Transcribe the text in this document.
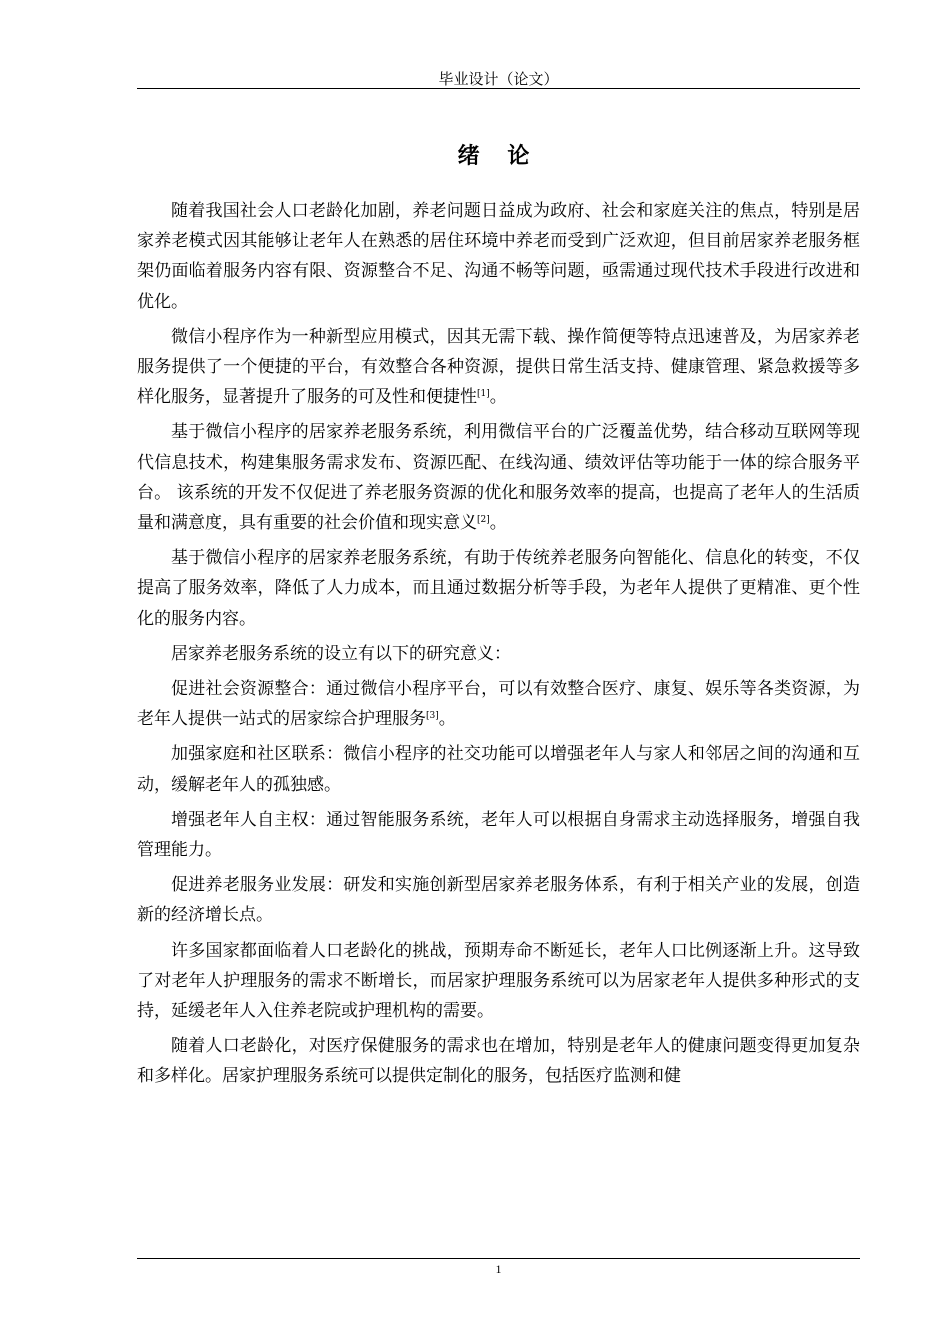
毕业设计（论文）
绪 论

随着我国社会人口老龄化加剧，养老问题日益成为政府、社会和家庭关注的焦点，特别是居家养老模式因其能够让老年人在熟悉的居住环境中养老而受到广泛欢迎，但目前居家养老服务框架仍面临着服务内容有限、资源整合不足、沟通不畅等问题，亟需通过现代技术手段进行改进和优化。

微信小程序作为一种新型应用模式，因其无需下载、操作简便等特点迅速普及，为居家养老服务提供了一个便捷的平台，有效整合各种资源，提供日常生活支持、健康管理、紧急救援等多样化服务，显著提升了服务的可及性和便捷性[1]。

基于微信小程序的居家养老服务系统，利用微信平台的广泛覆盖优势，结合移动互联网等现代信息技术，构建集服务需求发布、资源匹配、在线沟通、绩效评估等功能于一体的综合服务平台。 该系统的开发不仅促进了养老服务资源的优化和服务效率的提高，也提高了老年人的生活质量和满意度，具有重要的社会价值和现实意义[2]。

基于微信小程序的居家养老服务系统，有助于传统养老服务向智能化、信息化的转变，不仅提高了服务效率，降低了人力成本，而且通过数据分析等手段，为老年人提供了更精准、更个性化的服务内容。

居家养老服务系统的设立有以下的研究意义：

促进社会资源整合：通过微信小程序平台，可以有效整合医疗、康复、娱乐等各类资源，为老年人提供一站式的居家综合护理服务[3]。

加强家庭和社区联系：微信小程序的社交功能可以增强老年人与家人和邻居之间的沟通和互动，缓解老年人的孤独感。

增强老年人自主权：通过智能服务系统，老年人可以根据自身需求主动选择服务，增强自我管理能力。

促进养老服务业发展：研发和实施创新型居家养老服务体系，有利于相关产业的发展，创造新的经济增长点。

许多国家都面临着人口老龄化的挑战，预期寿命不断延长，老年人口比例逐渐上升。这导致了对老年人护理服务的需求不断增长，而居家护理服务系统可以为居家老年人提供多种形式的支持，延缓老年人入住养老院或护理机构的需要。

随着人口老龄化，对医疗保健服务的需求也在增加，特别是老年人的健康问题变得更加复杂和多样化。居家护理服务系统可以提供定制化的服务，包括医疗监测和健

1
